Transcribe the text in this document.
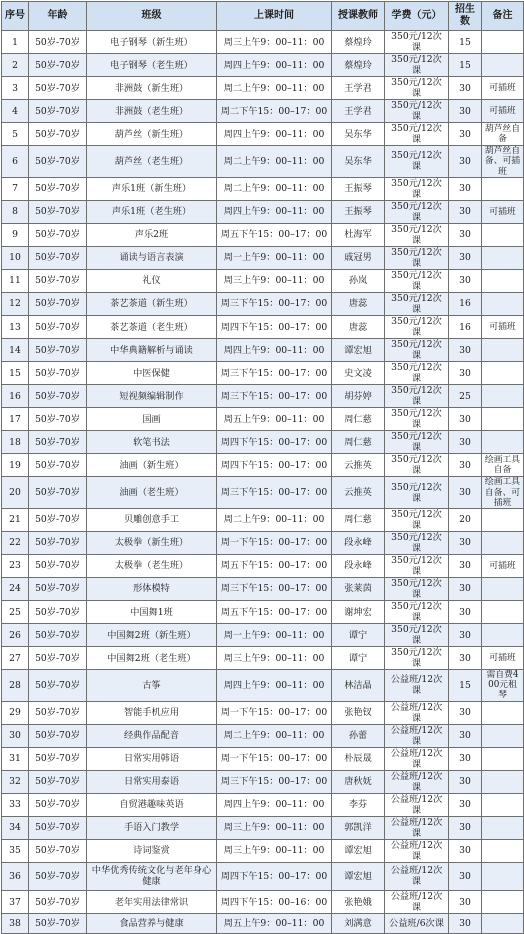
序号	年龄	班级	上课时间	授课教师	学费（元）	招生数	备注
1	50岁-70岁	电子钢琴（新生班）	周三上午9：00–11：00	蔡煌玲	350元/12次课	15	
2	50岁-70岁	电子钢琴（老生班）	周四上午9：00–11：00	蔡煌玲	350元/12次课	15	
3	50岁-70岁	非洲鼓（新生班）	周二上午9：00–11：00	王学君	350元/12次课	30	可插班
4	50岁-70岁	非洲鼓（老生班）	周二下午15：00–17：00	王学君	350元/12次课	30	可插班
5	50岁-70岁	葫芦丝（新生班）	周四上午9：00–11：00	吴东华	350元/12次课	30	葫芦丝自备
6	50岁-70岁	葫芦丝（老生班）	周二上午9：00–11：00	吴东华	350元/12次课	30	葫芦丝自备、可插班
7	50岁-70岁	声乐1班（新生班）	周二上午9：00–11：00	王振琴	350元/12次课	30	
8	50岁-70岁	声乐1班（老生班）	周四上午9：00–11：00	王振琴	350元/12次课	30	可插班
9	50岁-70岁	声乐2班	周五下午15：00–17：00	杜海军	350元/12次课	30	
10	50岁-70岁	诵读与语言表演	周一上午9：00–11：00	戚冠男	350元/12次课	30	
11	50岁-70岁	礼仪	周三上午9：00–11：00	孙岚	350元/12次课	30	
12	50岁-70岁	茶艺茶道（新生班）	周三下午15：00–17：00	唐蕊	350元/12次课	16	
13	50岁-70岁	茶艺茶道（老生班）	周四下午15：00–17：00	唐蕊	350元/12次课	16	可插班
14	50岁-70岁	中华典籍解析与诵读	周四上午9：00–11：00	谭宏旭	350元/12次课	30	
15	50岁-70岁	中医保健	周三下午15：00–17：00	史文凌	350元/12次课	30	
16	50岁-70岁	短视频编辑制作	周三下午15：00–17：00	胡芬婷	350元/12次课	25	
17	50岁-70岁	国画	周五上午9：00–11：00	周仁慈	350元/12次课	30	
18	50岁-70岁	软笔书法	周四下午15：00–17：00	周仁慈	350元/12次课	30	
19	50岁-70岁	油画（新生班）	周四下午15：00–17：00	云推英	350元/12次课	30	绘画工具自备
20	50岁-70岁	油画（老生班）	周三下午15：00–17：00	云推英	350元/12次课	30	绘画工具自备、可插班
21	50岁-70岁	贝雕创意手工	周二上午9：00–11：00	周仁慈	350元/12次课	20	
22	50岁-70岁	太极拳（新生班）	周一下午15：00–17：00	段永峰	350元/12次课	30	
23	50岁-70岁	太极拳（老生班）	周五下午15：00–17：00	段永峰	350元/12次课	30	可插班
24	50岁-70岁	形体模特	周三下午15：00–17：00	张莱茵	350元/12次课	30	
25	50岁-70岁	中国舞1班	周五下午15：00–17：00	谢坤宏	350元/12次课	30	
26	50岁-70岁	中国舞2班（新生班）	周一上午9：00–11：00	谭宁	350元/12次课	30	
27	50岁-70岁	中国舞2班（老生班）	周三上午9：00–11：00	谭宁	350元/12次课	30	可插班
28	50岁-70岁	古筝	周四上午9：00–11：00	林洁晶	公益班/12次课	15	需自费400元租琴
29	50岁-70岁	智能手机应用	周一下午15：00–17：00	张艳钗	公益班/12次课	30	
30	50岁-70岁	经典作品配音	周二上午9：00–11：00	孙蕾	公益班/12次课	30	
31	50岁-70岁	日常实用韩语	周一下午15：00–17：00	朴辰晟	公益班/12次课	30	
32	50岁-70岁	日常实用泰语	周三下午15：00–17：00	唐秋妩	公益班/12次课	30	
33	50岁-70岁	自贸港趣味英语	周四上午9：00–11：00	李芬	公益班/12次课	30	
34	50岁-70岁	手语入门教学	周三上午9：00–11：00	郭凯洋	公益班/12次课	30	
35	50岁-70岁	诗词鉴赏	周三上午9：00–11：00	谭宏旭	公益班/12次课	30	
36	50岁-70岁	中华优秀传统文化与老年身心健康	周四下午15：00–17：00	谭宏旭	公益班/12次课	30	
37	50岁-70岁	老年实用法律常识	周四下午15：00–16：00	张艳娥	公益班/12次课	30	
38	50岁-70岁	食品营养与健康	周五上午9：00–11：00	刘满意	公益班/6次课	30	
